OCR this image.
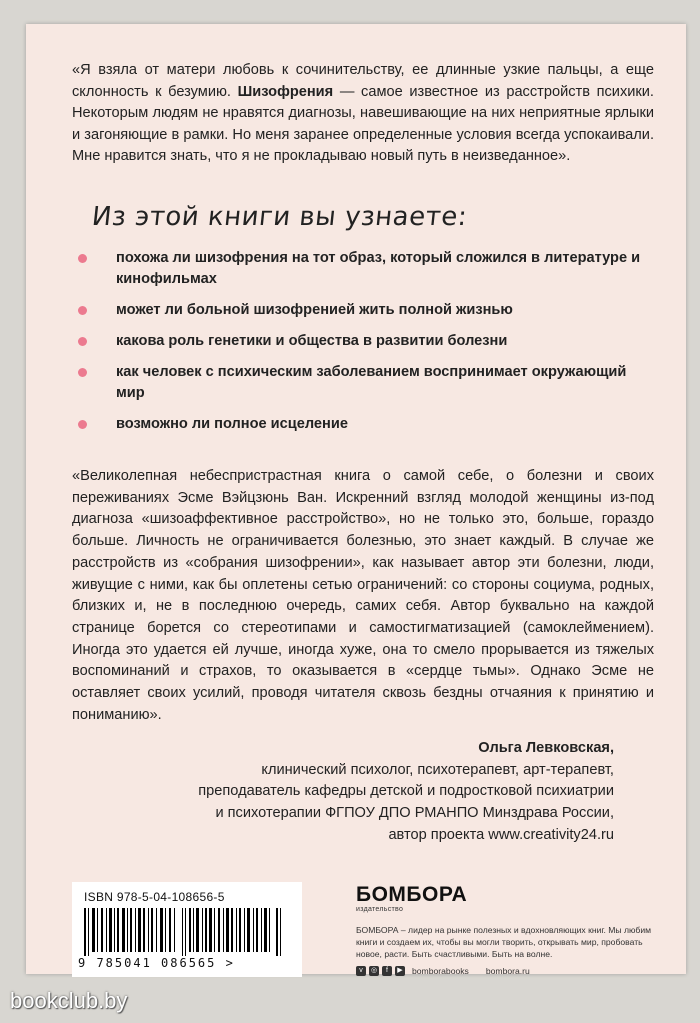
«Я взяла от матери любовь к сочинительству, ее длинные узкие пальцы, а еще склонность к безумию. Шизофрения — самое известное из расстройств психики. Некоторым людям не нравятся диагнозы, навешивающие на них неприятные ярлыки и загоняющие в рамки. Но меня заранее определенные условия всегда успокаивали. Мне нравится знать, что я не прокладываю новый путь в неизведанное».

Из этой книги вы узнаете:
похожа ли шизофрения на тот образ, который сложился в литературе и кинофильмах
может ли больной шизофренией жить полной жизнью
какова роль генетики и общества в развитии болезни
как человек с психическим заболеванием воспринимает окружающий мир
возможно ли полное исцеление

«Великолепная небеспристрастная книга о самой себе, о болезни и своих переживаниях Эсме Вэйцзюнь Ван. Искренний взгляд молодой женщины из-под диагноза «шизоаффективное расстройство», но не только это, больше, гораздо больше. Личность не ограничивается болезнью, это знает каждый. В случае же расстройств из «собрания шизофрении», как называет автор эти болезни, люди, живущие с ними, как бы оплетены сетью ограничений: со стороны социума, родных, близких и, не в последнюю очередь, самих себя. Автор буквально на каждой странице борется со стереотипами и самостигматизацией (самоклеймением). Иногда это удается ей лучше, иногда хуже, она то смело прорывается из тяжелых воспоминаний и страхов, то оказывается в «сердце тьмы». Однако Эсме не оставляет своих усилий, проводя читателя сквозь бездны отчаяния к принятию и пониманию».

Ольга Левковская,
клинический психолог, психотерапевт, арт-терапевт,
преподаватель кафедры детской и подростковой психиатрии
и психотерапии ФГПОУ ДПО РМАНПО Минздрава России,
автор проекта www.creativity24.ru
ISBN 978-5-04-108656-5
9 785041 086565 >
БОМБОРА
издательство
БОМБОРА – лидер на рынке полезных и вдохновляющих книг. Мы любим книги и создаем их, чтобы вы могли творить, открывать мир, пробовать новое, расти. Быть счастливыми. Быть на волне.
v	◎	f	▶ bomborabooks bombora.ru
bookclub.by
